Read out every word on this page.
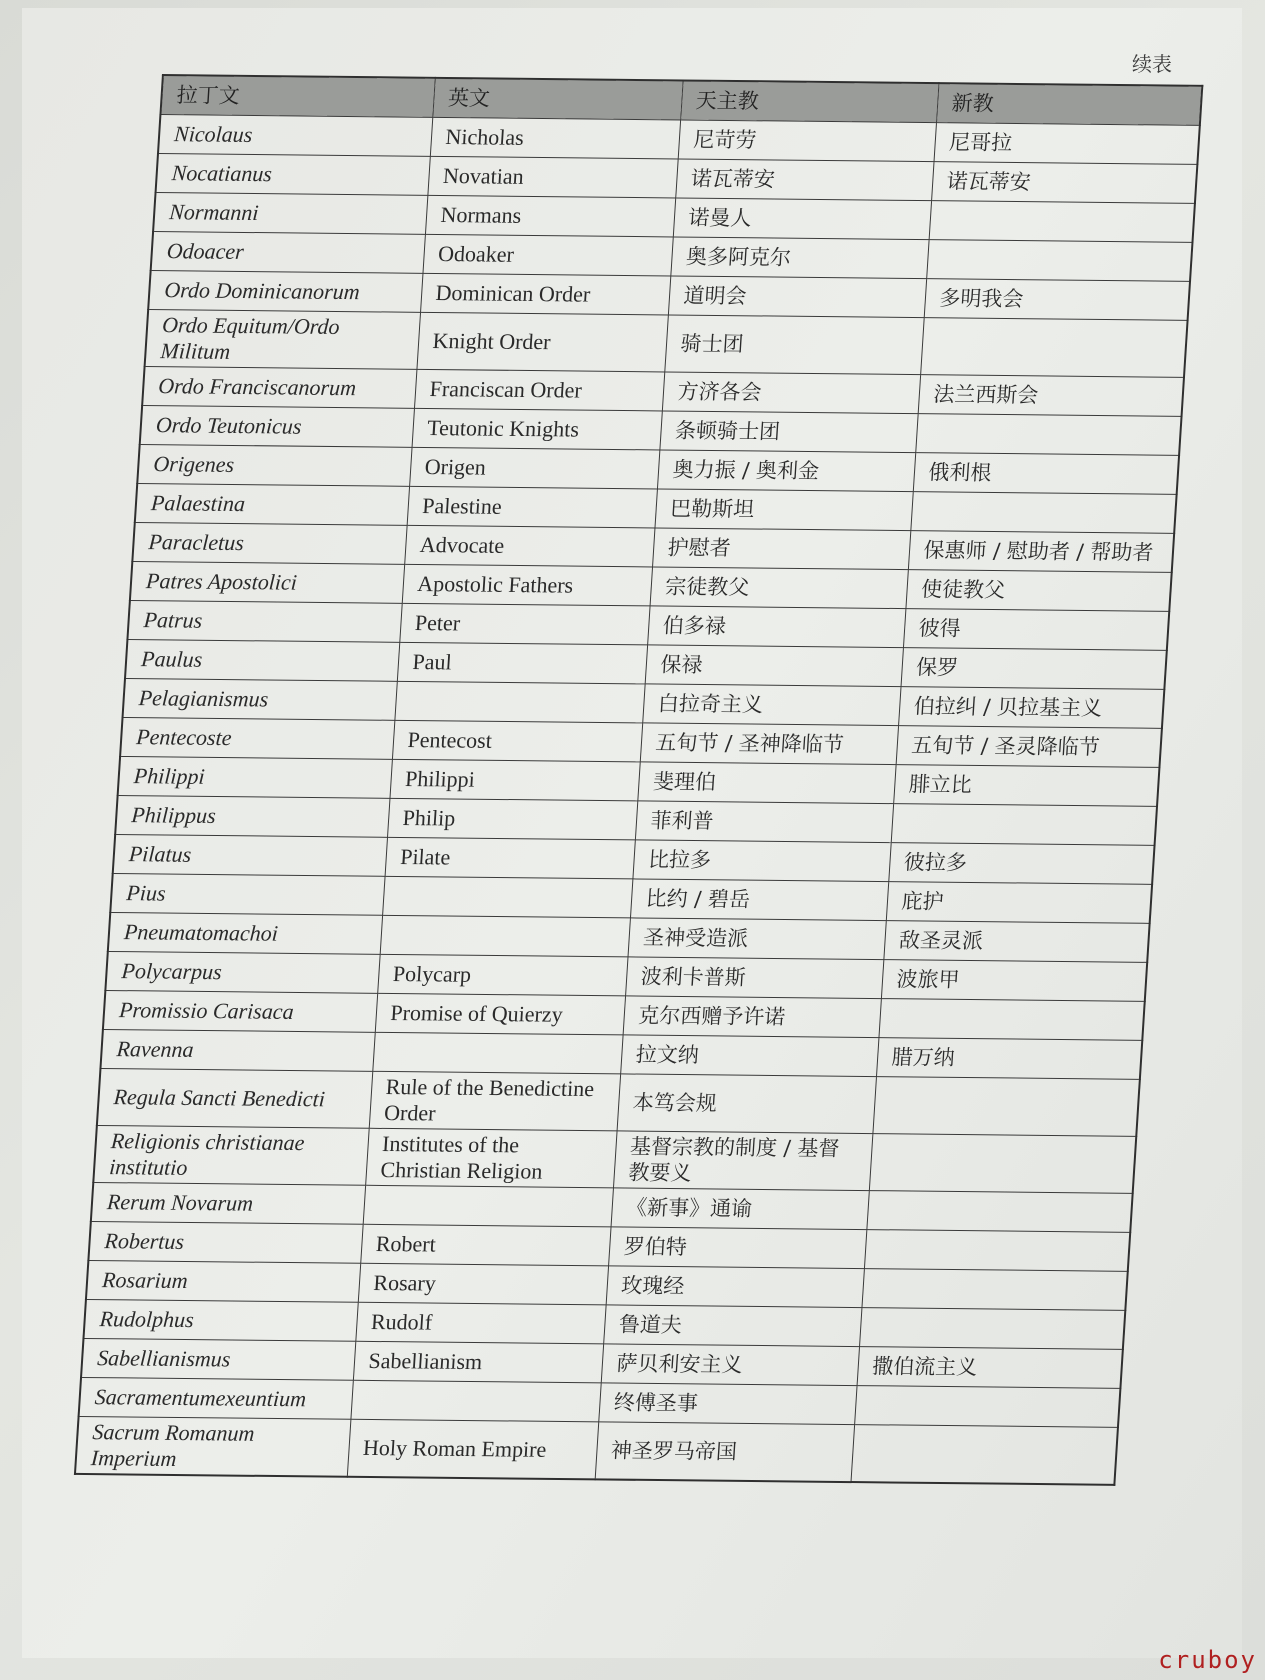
续表
拉丁文	英文	天主教	新教
Nicolaus	Nicholas	尼苛劳	尼哥拉
Nocatianus	Novatian	诺瓦蒂安	诺瓦蒂安
Normanni	Normans	诺曼人	
Odoacer	Odoaker	奥多阿克尔	
Ordo Dominicanorum	Dominican Order	道明会	多明我会
Ordo Equitum/Ordo Militum	Knight Order	骑士团	
Ordo Franciscanorum	Franciscan Order	方济各会	法兰西斯会
Ordo Teutonicus	Teutonic Knights	条顿骑士团	
Origenes	Origen	奥力振 / 奥利金	俄利根
Palaestina	Palestine	巴勒斯坦	
Paracletus	Advocate	护慰者	保惠师 / 慰助者 / 帮助者
Patres Apostolici	Apostolic Fathers	宗徒教父	使徒教父
Patrus	Peter	伯多禄	彼得
Paulus	Paul	保禄	保罗
Pelagianismus		白拉奇主义	伯拉纠 / 贝拉基主义
Pentecoste	Pentecost	五旬节 / 圣神降临节	五旬节 / 圣灵降临节
Philippi	Philippi	斐理伯	腓立比
Philippus	Philip	菲利普	
Pilatus	Pilate	比拉多	彼拉多
Pius		比约 / 碧岳	庇护
Pneumatomachoi		圣神受造派	敌圣灵派
Polycarpus	Polycarp	波利卡普斯	波旅甲
Promissio Carisaca	Promise of Quierzy	克尔西赠予许诺	
Ravenna		拉文纳	腊万纳
Regula Sancti Benedicti	Rule of the Benedictine Order	本笃会规	
Religionis christianae institutio	Institutes of the Christian Religion	基督宗教的制度 / 基督教要义	
Rerum Novarum		《新事》通谕	
Robertus	Robert	罗伯特	
Rosarium	Rosary	玫瑰经	
Rudolphus	Rudolf	鲁道夫	
Sabellianismus	Sabellianism	萨贝利安主义	撒伯流主义
Sacramentumexeuntium		终傅圣事	
Sacrum Romanum Imperium	Holy Roman Empire	神圣罗马帝国	
cruboy
